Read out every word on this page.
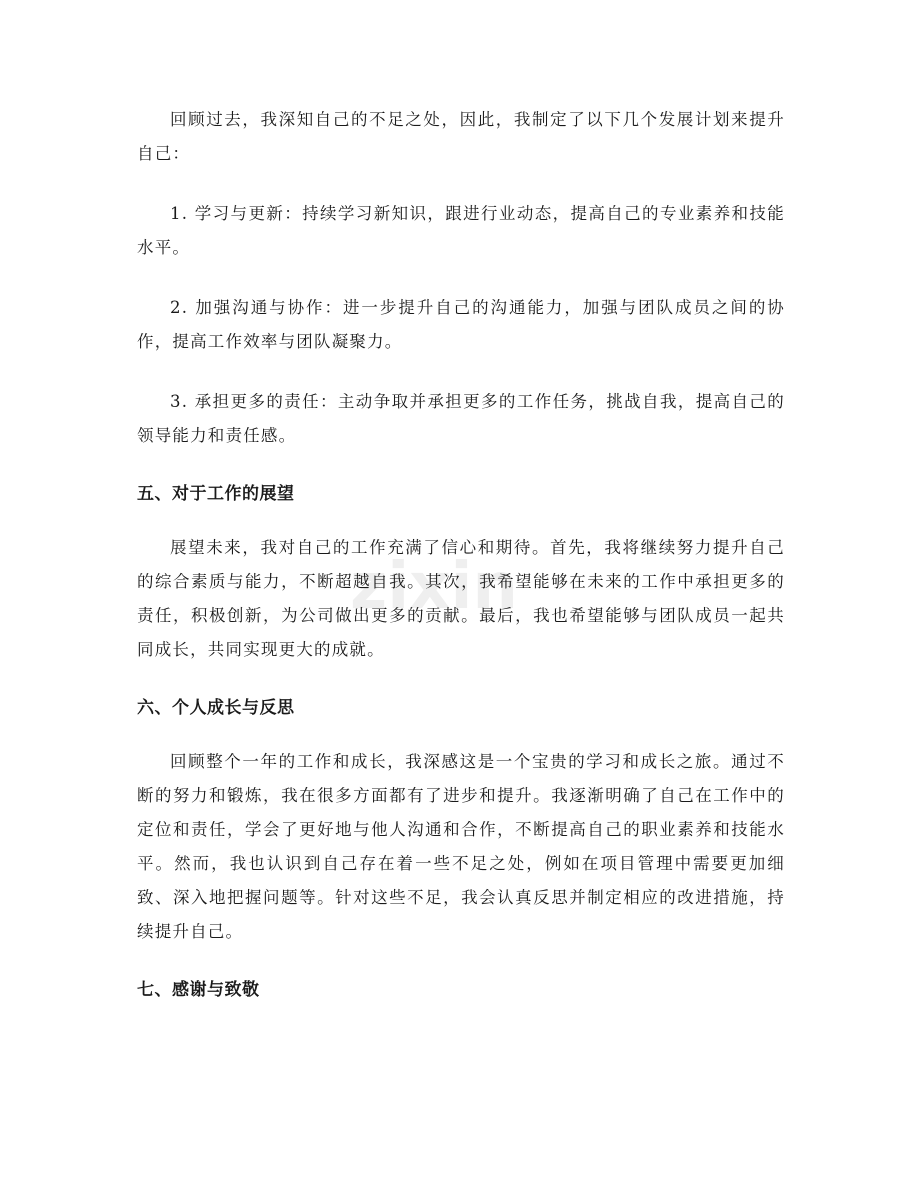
zixin

回顾过去，我深知自己的不足之处，因此，我制定了以下几个发展计划来提升自己：

1. 学习与更新：持续学习新知识，跟进行业动态，提高自己的专业素养和技能水平。

2. 加强沟通与协作：进一步提升自己的沟通能力，加强与团队成员之间的协作，提高工作效率与团队凝聚力。

3. 承担更多的责任：主动争取并承担更多的工作任务，挑战自我，提高自己的领导能力和责任感。

五、对于工作的展望

展望未来，我对自己的工作充满了信心和期待。首先，我将继续努力提升自己的综合素质与能力，不断超越自我。其次，我希望能够在未来的工作中承担更多的责任，积极创新，为公司做出更多的贡献。最后，我也希望能够与团队成员一起共同成长，共同实现更大的成就。

六、个人成长与反思

回顾整个一年的工作和成长，我深感这是一个宝贵的学习和成长之旅。通过不断的努力和锻炼，我在很多方面都有了进步和提升。我逐渐明确了自己在工作中的定位和责任，学会了更好地与他人沟通和合作，不断提高自己的职业素养和技能水平。然而，我也认识到自己存在着一些不足之处，例如在项目管理中需要更加细致、深入地把握问题等。针对这些不足，我会认真反思并制定相应的改进措施，持续提升自己。

七、感谢与致敬
